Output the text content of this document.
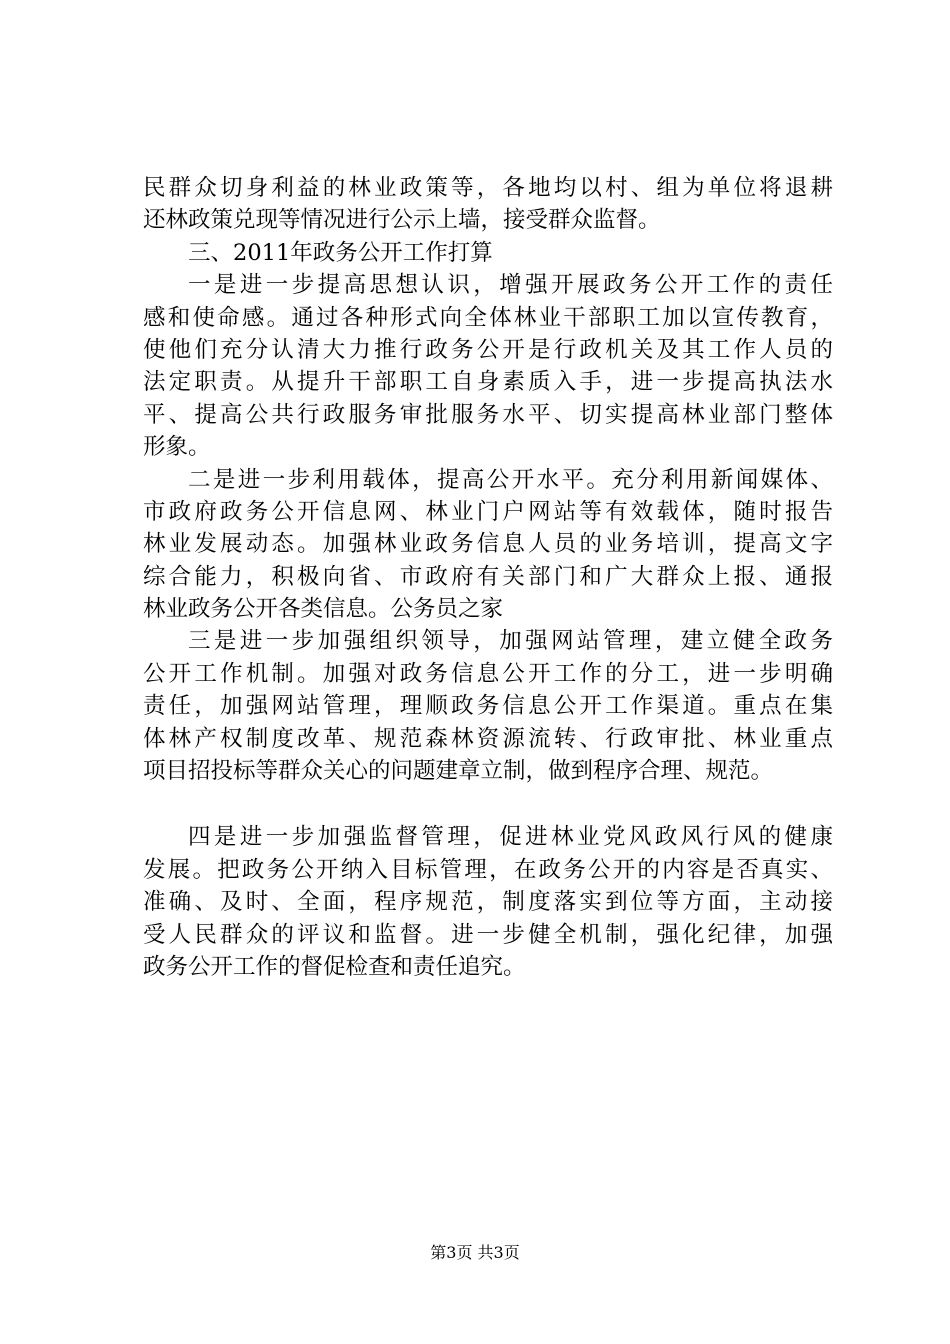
民群众切身利益的林业政策等，各地均以村、组为单位将退耕
还林政策兑现等情况进行公示上墙，接受群众监督。
三、2011年政务公开工作打算
一是进一步提高思想认识，增强开展政务公开工作的责任
感和使命感。通过各种形式向全体林业干部职工加以宣传教育，
使他们充分认清大力推行政务公开是行政机关及其工作人员的
法定职责。从提升干部职工自身素质入手，进一步提高执法水
平、提高公共行政服务审批服务水平、切实提高林业部门整体
形象。
二是进一步利用载体，提高公开水平。充分利用新闻媒体、
市政府政务公开信息网、林业门户网站等有效载体，随时报告
林业发展动态。加强林业政务信息人员的业务培训，提高文字
综合能力，积极向省、市政府有关部门和广大群众上报、通报
林业政务公开各类信息。公务员之家
三是进一步加强组织领导，加强网站管理，建立健全政务
公开工作机制。加强对政务信息公开工作的分工，进一步明确
责任，加强网站管理，理顺政务信息公开工作渠道。重点在集
体林产权制度改革、规范森林资源流转、行政审批、林业重点
项目招投标等群众关心的问题建章立制，做到程序合理、规范。
四是进一步加强监督管理，促进林业党风政风行风的健康
发展。把政务公开纳入目标管理，在政务公开的内容是否真实、
准确、及时、全面，程序规范，制度落实到位等方面，主动接
受人民群众的评议和监督。进一步健全机制，强化纪律，加强
政务公开工作的督促检查和责任追究。
第3页 共3页
